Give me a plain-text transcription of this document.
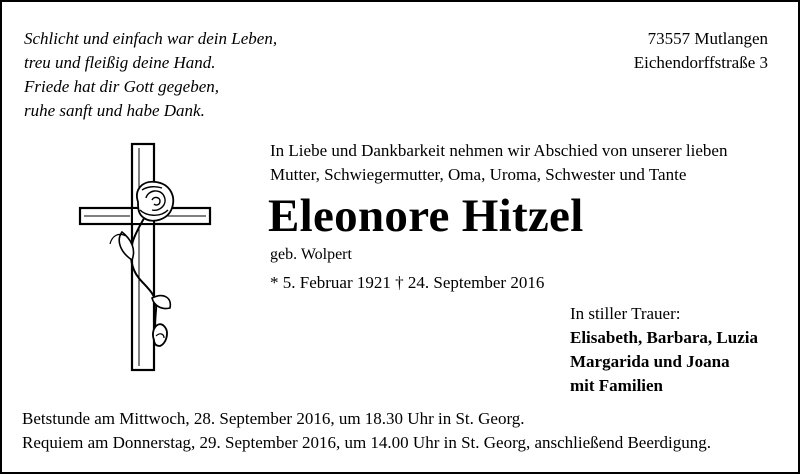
Schlicht und einfach war dein Leben,
treu und fleißig deine Hand.
Friede hat dir Gott gegeben,
ruhe sanft und habe Dank.
73557 Mutlangen
Eichendorffstraße 3
In Liebe und Dankbarkeit nehmen wir Abschied von unserer lieben
Mutter, Schwiegermutter, Oma, Uroma, Schwester und Tante
Eleonore Hitzel
geb. Wolpert
* 5. Februar 1921 † 24. September 2016
In stiller Trauer:
Elisabeth, Barbara, Luzia
Margarida und Joana
mit Familien
Betstunde am Mittwoch, 28. September 2016, um 18.30 Uhr in St. Georg.
Requiem am Donnerstag, 29. September 2016, um 14.00 Uhr in St. Georg, anschließend Beerdigung.
